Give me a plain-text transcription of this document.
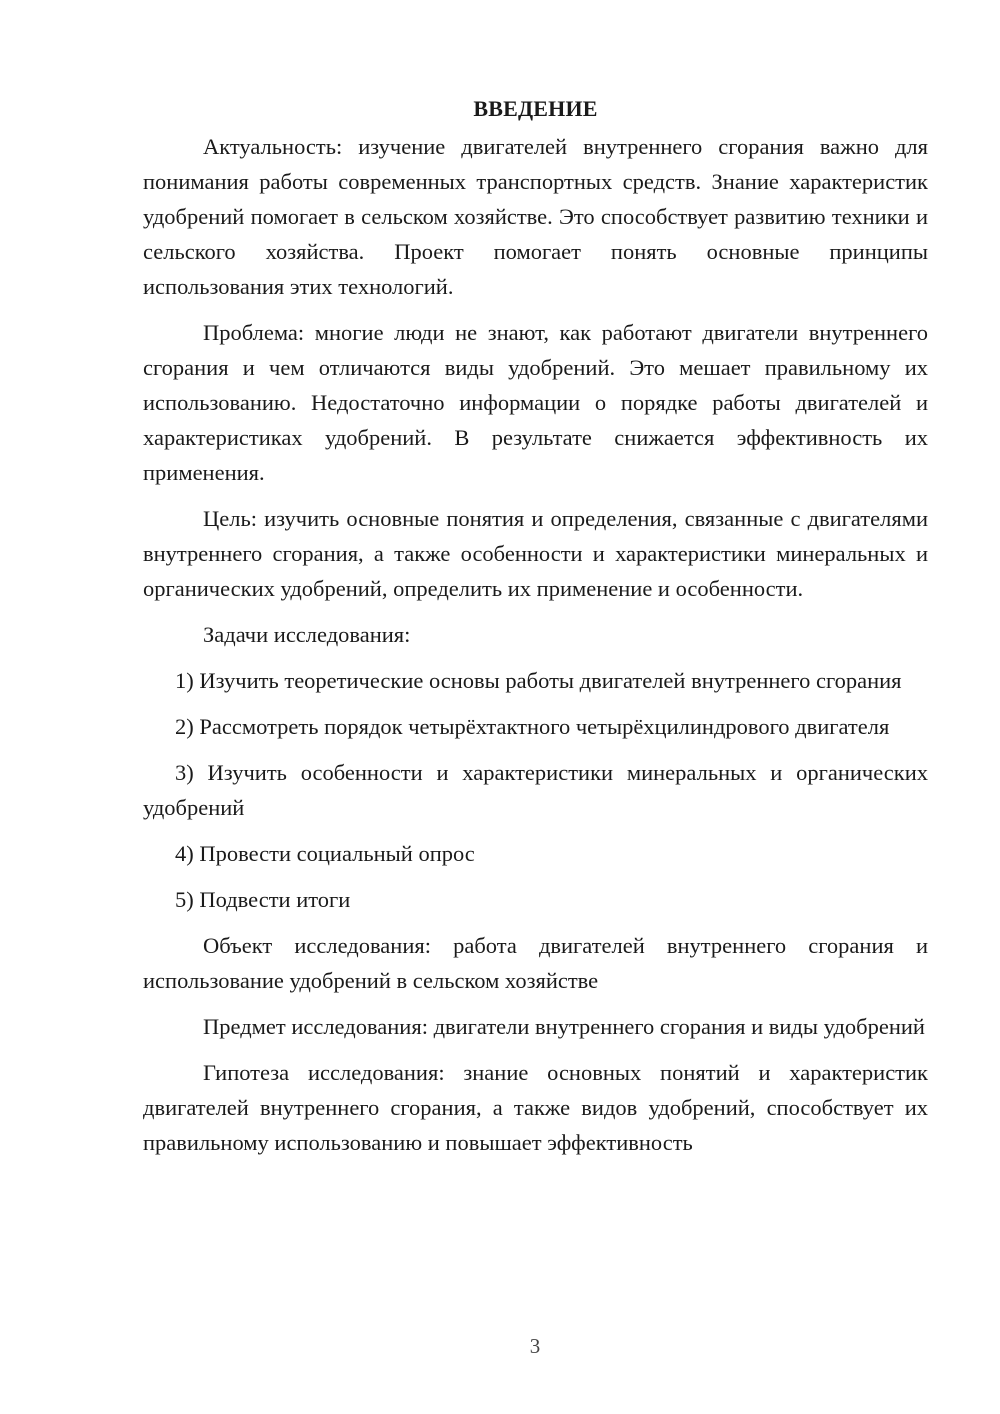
ВВЕДЕНИЕ

Актуальность: изучение двигателей внутреннего сгорания важно для понимания работы современных транспортных средств. Знание характеристик удобрений помогает в сельском хозяйстве. Это способствует развитию техники и сельского хозяйства. Проект помогает понять основные принципы использования этих технологий.

Проблема: многие люди не знают, как работают двигатели внутреннего сгорания и чем отличаются виды удобрений. Это мешает правильному их использованию. Недостаточно информации о порядке работы двигателей и характеристиках удобрений. В результате снижается эффективность их применения.

Цель: изучить основные понятия и определения, связанные с двигателями внутреннего сгорания, а также особенности и характеристики минеральных и органических удобрений, определить их применение и особенности.

Задачи исследования:

1) Изучить теоретические основы работы двигателей внутреннего сгорания

2) Рассмотреть порядок четырёхтактного четырёхцилиндрового двигателя

3) Изучить особенности и характеристики минеральных и органических удобрений

4) Провести социальный опрос

5) Подвести итоги

Объект исследования: работа двигателей внутреннего сгорания и использование удобрений в сельском хозяйстве

Предмет исследования: двигатели внутреннего сгорания и виды удобрений

Гипотеза исследования: знание основных понятий и характеристик двигателей внутреннего сгорания, а также видов удобрений, способствует их правильному использованию и повышает эффективность

3
